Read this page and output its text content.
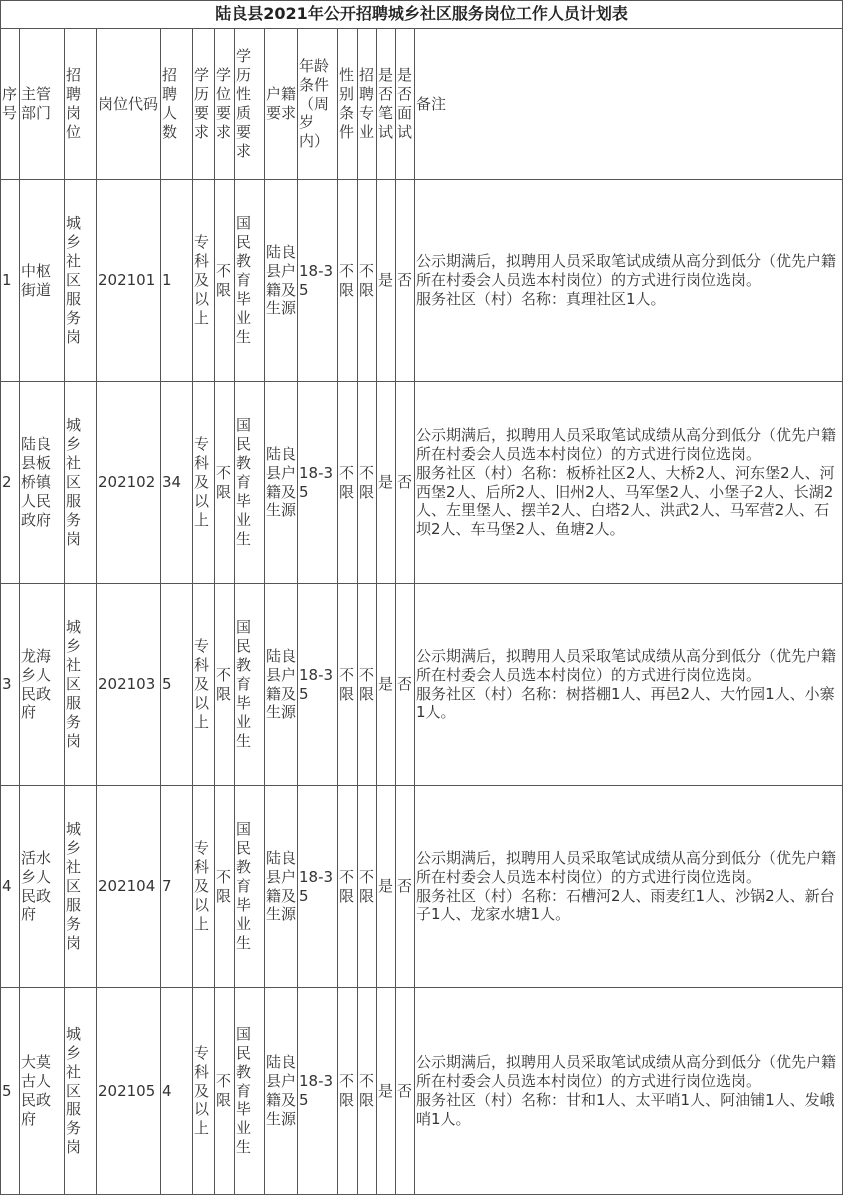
陆良县2021年公开招聘城乡社区服务岗位工作人员计划表														
序号	主管部门	招聘岗位	岗位代码	招聘人数	学历要求	学位要求	学历性质要求	户籍要求	年龄条件（周岁内）	性别条件	招聘专业	是否笔试	是否面试	备注
1	中枢街道	城乡社区服务岗	202101	1	专科及以上	不限	国民教育毕业生	陆良县户籍及生源	18-35	不限	不限	是	否	公示期满后，拟聘用人员采取笔试成绩从高分到低分（优先户籍所在村委会人员选本村岗位）的方式进行岗位选岗。
服务社区（村）名称：真理社区1人。

2	陆良县板桥镇人民政府	城乡社区服务岗	202102	34	专科及以上	不限	国民教育毕业生	陆良县户籍及生源	18-35	不限	不限	是	否	公示期满后，拟聘用人员采取笔试成绩从高分到低分（优先户籍所在村委会人员选本村岗位）的方式进行岗位选岗。
服务社区（村）名称：板桥社区2人、大桥2人、河东堡2人、河西堡2人、后所2人、旧州2人、马军堡2人、小堡子2人、长湖2人、左里堡人、摆羊2人、白塔2人、洪武2人、马军营2人、石坝2人、车马堡2人、鱼塘2人。

3	龙海乡人民政府	城乡社区服务岗	202103	5	专科及以上	不限	国民教育毕业生	陆良县户籍及生源	18-35	不限	不限	是	否	公示期满后，拟聘用人员采取笔试成绩从高分到低分（优先户籍所在村委会人员选本村岗位）的方式进行岗位选岗。
服务社区（村）名称：树搭棚1人、再邑2人、大竹园1人、小寨1人。

4	活水乡人民政府	城乡社区服务岗	202104	7	专科及以上	不限	国民教育毕业生	陆良县户籍及生源	18-35	不限	不限	是	否	公示期满后，拟聘用人员采取笔试成绩从高分到低分（优先户籍所在村委会人员选本村岗位）的方式进行岗位选岗。
服务社区（村）名称：石槽河2人、雨麦红1人、沙锅2人、新台子1人、龙家水塘1人。

5	大莫古人民政府	城乡社区服务岗	202105	4	专科及以上	不限	国民教育毕业生	陆良县户籍及生源	18-35	不限	不限	是	否	公示期满后，拟聘用人员采取笔试成绩从高分到低分（优先户籍所在村委会人员选本村岗位）的方式进行岗位选岗。
服务社区（村）名称：甘和1人、太平哨1人、阿油铺1人、发峨哨1人。
